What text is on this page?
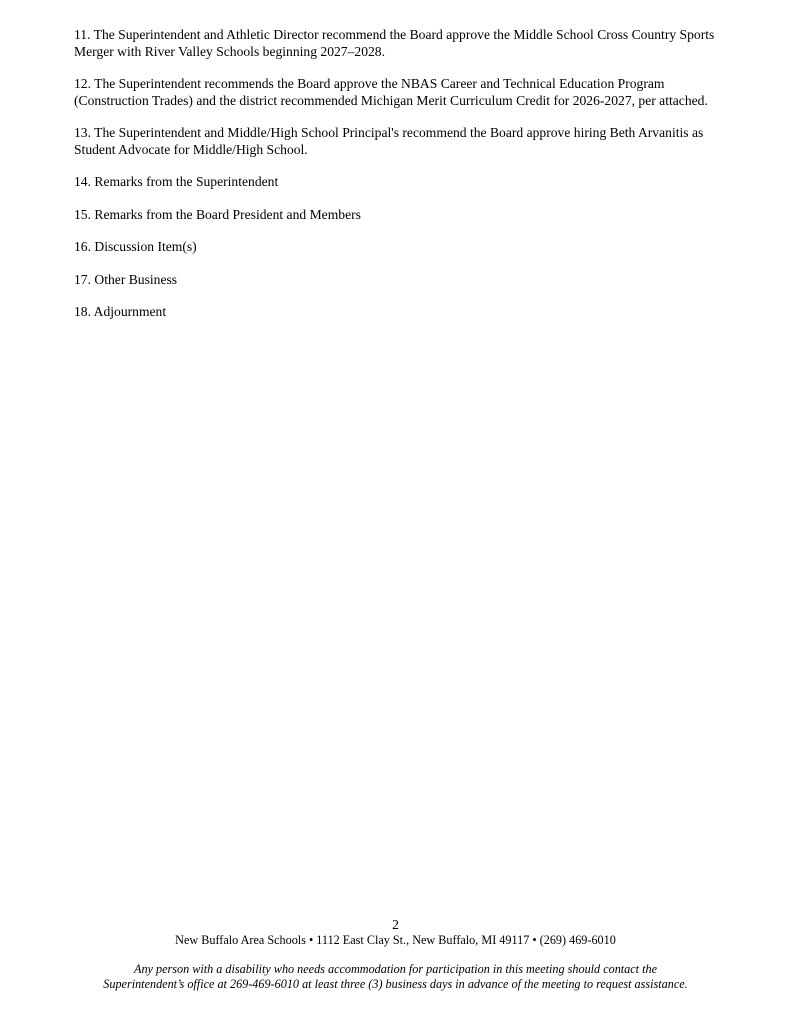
11. The Superintendent and Athletic Director recommend the Board approve the Middle School Cross Country Sports
Merger with River Valley Schools beginning 2027–2028.
12. The Superintendent recommends the Board approve the NBAS Career and Technical Education Program
(Construction Trades) and the district recommended Michigan Merit Curriculum Credit for 2026-2027, per attached.
13. The Superintendent and Middle/High School Principal's recommend the Board approve hiring Beth Arvanitis as
Student Advocate for Middle/High School.
14. Remarks from the Superintendent
15. Remarks from the Board President and Members
16. Discussion Item(s)
17. Other Business
18. Adjournment
2
New Buffalo Area Schools • 1112 East Clay St., New Buffalo, MI 49117 • (269) 469-6010
Any person with a disability who needs accommodation for participation in this meeting should contact the
Superintendent’s office at 269-469-6010 at least three (3) business days in advance of the meeting to request assistance.
